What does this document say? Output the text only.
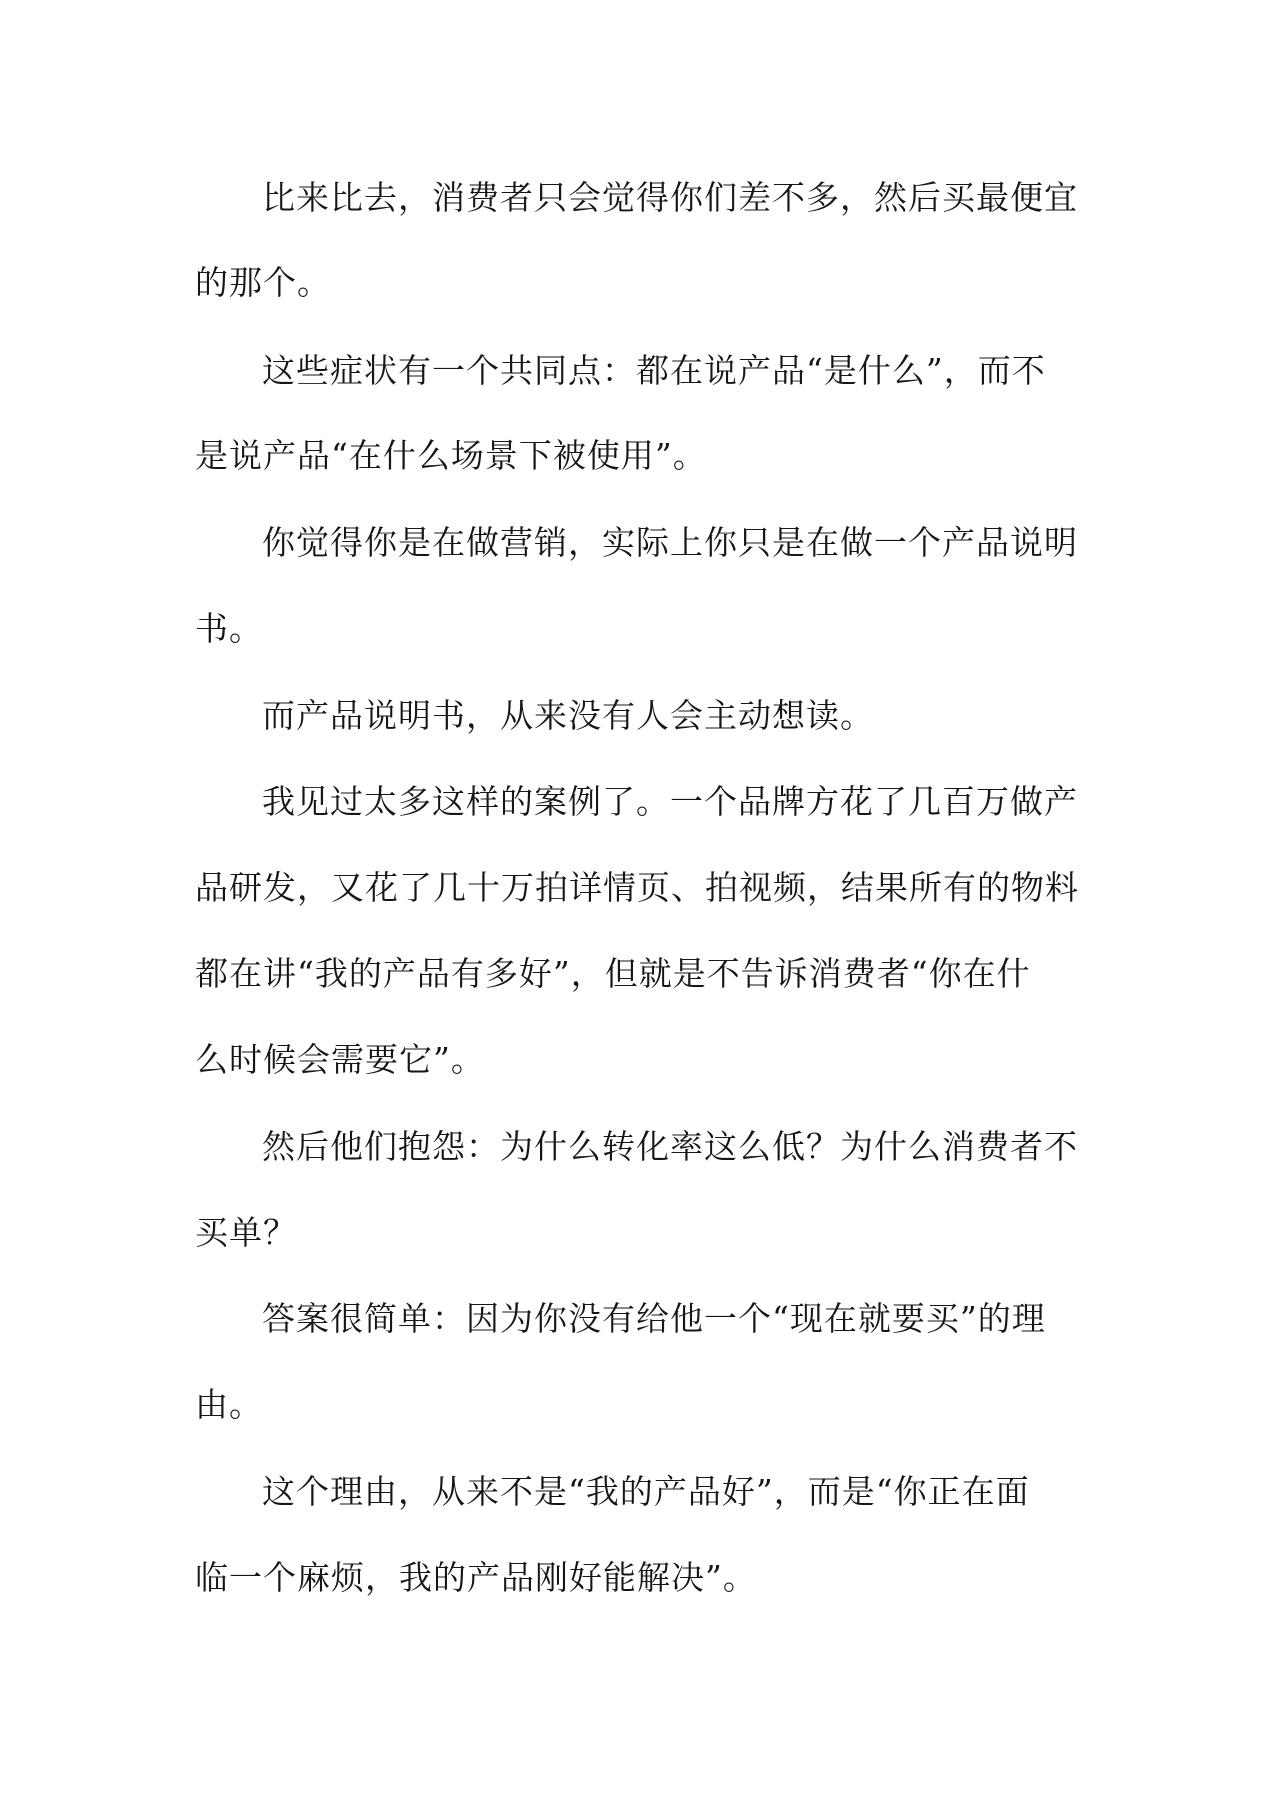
比来比去，消费者只会觉得你们差不多，然后买最便宜

的那个。

这些症状有一个共同点：都在说产品“是什么”，而不

是说产品“在什么场景下被使用”。

你觉得你是在做营销，实际上你只是在做一个产品说明

书。

而产品说明书，从来没有人会主动想读。

我见过太多这样的案例了。一个品牌方花了几百万做产

品研发，又花了几十万拍详情页、拍视频，结果所有的物料

都在讲“我的产品有多好”，但就是不告诉消费者“你在什

么时候会需要它”。

然后他们抱怨：为什么转化率这么低？为什么消费者不

买单？

答案很简单：因为你没有给他一个“现在就要买”的理

由。

这个理由，从来不是“我的产品好”，而是“你正在面

临一个麻烦，我的产品刚好能解决”。
